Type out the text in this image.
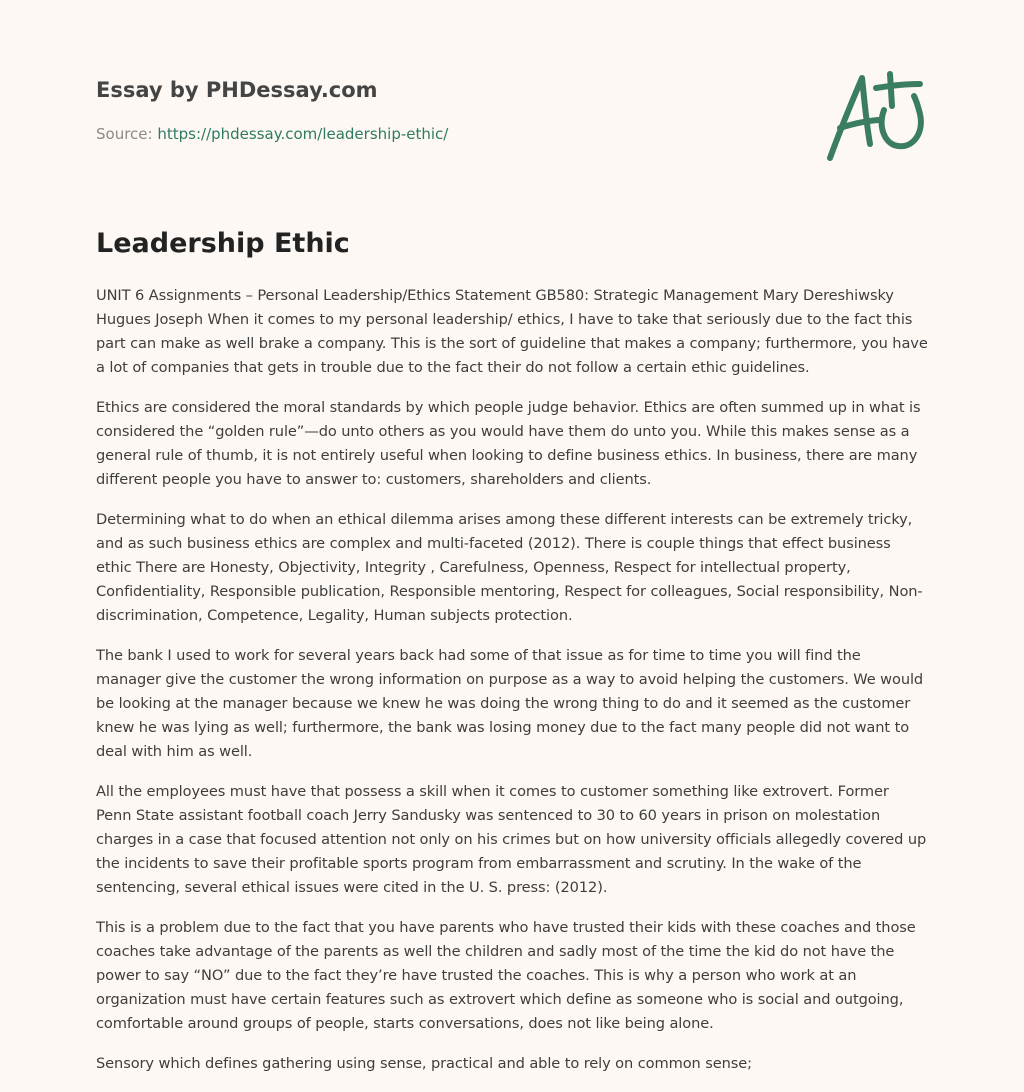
Essay by PHDessay.com
Source: https://phdessay.com/leadership-ethic/
Leadership Ethic

UNIT 6 Assignments – Personal Leadership/Ethics Statement GB580: Strategic Management Mary Dereshiwsky Hugues Joseph When it comes to my personal leadership/ ethics, I have to take that seriously due to the fact this part can make as well brake a company. This is the sort of guideline that makes a company; furthermore, you have a lot of companies that gets in trouble due to the fact their do not follow a certain ethic guidelines.

Ethics are considered the moral standards by which people judge behavior. Ethics are often summed up in what is considered the “golden rule”—do unto others as you would have them do unto you. While this makes sense as a general rule of thumb, it is not entirely useful when looking to define business ethics. In business, there are many different people you have to answer to: customers, shareholders and clients.

Determining what to do when an ethical dilemma arises among these different interests can be extremely tricky, and as such business ethics are complex and multi-faceted (2012). There is couple things that effect business ethic There are Honesty, Objectivity, Integrity , Carefulness, Openness, Respect for intellectual property, Confidentiality, Responsible publication, Responsible mentoring, Respect for colleagues, Social responsibility, Non-discrimination, Competence, Legality, Human subjects protection.

The bank I used to work for several years back had some of that issue as for time to time you will find the manager give the customer the wrong information on purpose as a way to avoid helping the customers. We would be looking at the manager because we knew he was doing the wrong thing to do and it seemed as the customer knew he was lying as well; furthermore, the bank was losing money due to the fact many people did not want to deal with him as well.

All the employees must have that possess a skill when it comes to customer something like extrovert. Former Penn State assistant football coach Jerry Sandusky was sentenced to 30 to 60 years in prison on molestation charges in a case that focused attention not only on his crimes but on how university officials allegedly covered up the incidents to save their profitable sports program from embarrassment and scrutiny. In the wake of the sentencing, several ethical issues were cited in the U. S. press: (2012).

This is a problem due to the fact that you have parents who have trusted their kids with these coaches and those coaches take advantage of the parents as well the children and sadly most of the time the kid do not have the power to say “NO” due to the fact they’re have trusted the coaches. This is why a person who work at an organization must have certain features such as extrovert which define as someone who is social and outgoing, comfortable around groups of people, starts conversations, does not like being alone.

Sensory which defines gathering using sense, practical and able to rely on common sense;
